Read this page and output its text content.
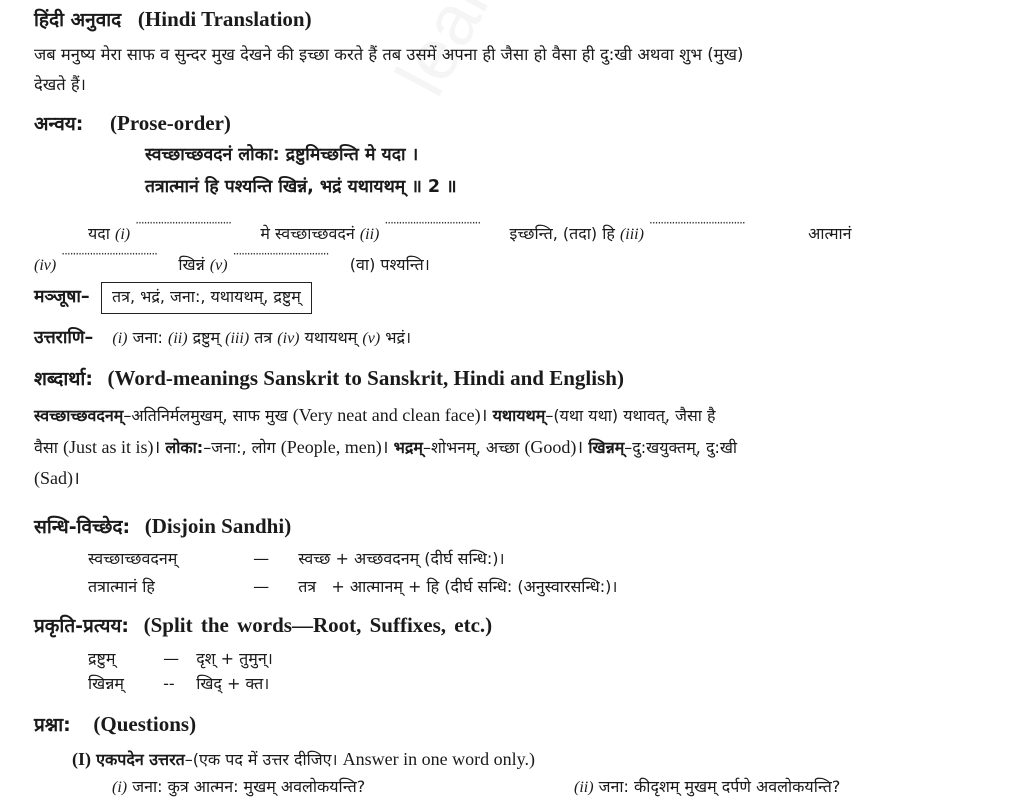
हिंदी अनुवाद (Hindi Translation)
जब मनुष्य मेरा साफ व सुन्दर मुख देखने की इच्छा करते हैं तब उसमें अपना ही जैसा हो वैसा ही दु:खी अथवा शुभ (मुख)
देखते हैं।
अन्वय: (Prose-order)
स्वच्छाच्छवदनं लोका: द्रष्टुमिच्छन्ति मे यदा ।
तत्रात्मानं हि पश्यन्ति खिन्नं, भद्रं यथायथम् ॥ 2 ॥
यदा (i) ·································· मे स्वच्छाच्छवदनं (ii) ·································· इच्छन्ति, (तदा) हि (iii) ·································· आत्मानं
(iv) ·································· खिन्नं (v) ·································· (वा) पश्यन्ति।
मञ्जूषा– तत्र, भद्रं, जना:, यथायथम्, द्रष्टुम्
उत्तराणि– (i) जना: (ii) द्रष्टुम् (iii) तत्र (iv) यथायथम् (v) भद्रं।
शब्दार्था: (Word-meanings Sanskrit to Sanskrit, Hindi and English)
स्वच्छाच्छवदनम्–अतिनिर्मलमुखम्, साफ मुख (Very neat and clean face)। यथायथम्–(यथा यथा) यथावत्, जैसा है
वैसा (Just as it is)। लोका:–जना:, लोग (People, men)। भद्रम्–शोभनम्, अच्छा (Good)। खिन्नम्–दु:खयुक्तम्, दु:खी
(Sad)।
सन्धि-विच्छेद: (Disjoin Sandhi)
स्वच्छाच्छवदनम्	— स्वच्छ + अच्छवदनम् (दीर्घ सन्धि:)।
तत्रात्मानं हि	— तत्र   + आत्मानम् + हि (दीर्घ सन्धि: (अनुस्वारसन्धि:)।
प्रकृति-प्रत्यय: (Split the words—Root, Suffixes, etc.)
द्रष्टुम्	— दृश् + तुमुन्।
खिन्नम् -- खिद् + क्त।
प्रश्ना: (Questions)
(I) एकपदेन उत्तरत–(एक पद में उत्तर दीजिए। Answer in one word only.)
(i) जना: कुत्र आत्मन: मुखम् अवलोकयन्ति?	(ii) जना: कीदृशम् मुखम् दर्पणे अवलोकयन्ति?
